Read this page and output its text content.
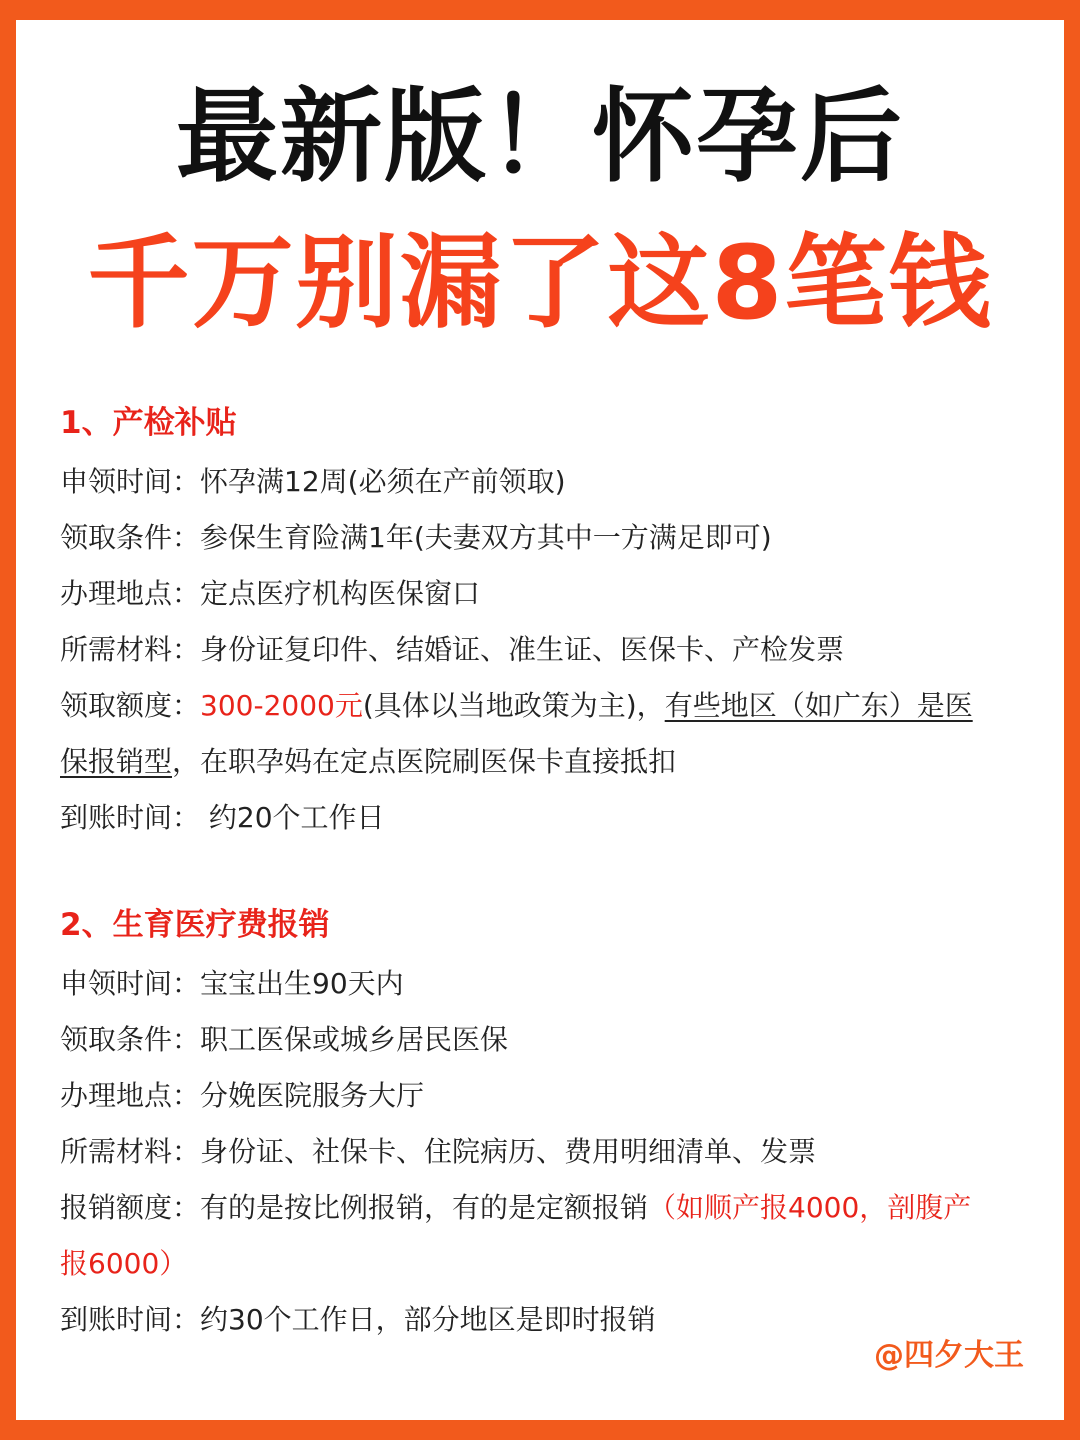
最新版！怀孕后
千万别漏了这8笔钱
1、产检补贴
申领时间：怀孕满12周(必须在产前领取)
领取条件：参保生育险满1年(夫妻双方其中一方满足即可)
办理地点：定点医疗机构医保窗口
所需材料：身份证复印件、结婚证、准生证、医保卡、产检发票
领取额度：300-2000元(具体以当地政策为主)，有些地区（如广东）是医
保报销型，在职孕妈在定点医院刷医保卡直接抵扣
到账时间： 约20个工作日
2、生育医疗费报销
申领时间：宝宝出生90天内
领取条件：职工医保或城乡居民医保
办理地点：分娩医院服务大厅
所需材料：身份证、社保卡、住院病历、费用明细清单、发票
报销额度：有的是按比例报销，有的是定额报销（如顺产报4000，剖腹产
报6000）
到账时间：约30个工作日，部分地区是即时报销
@四夕大王
